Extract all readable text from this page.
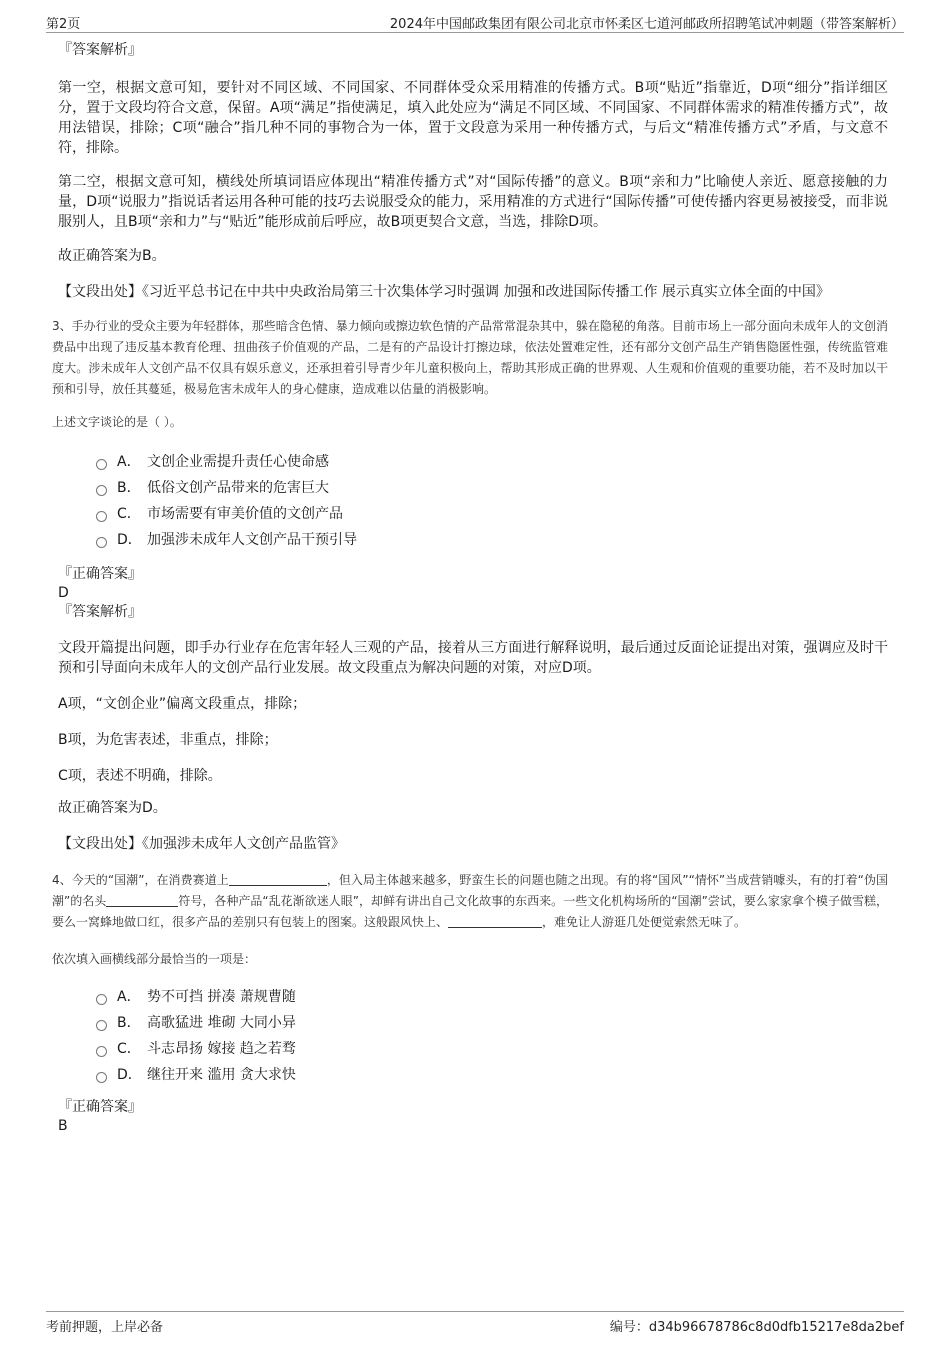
第2页	2024年中国邮政集团有限公司北京市怀柔区七道河邮政所招聘笔试冲刺题（带答案解析）
『答案解析』
第一空，根据文意可知，要针对不同区域、不同国家、不同群体受众采用精准的传播方式。B项“贴近”指靠近，D项“细分”指详细区分，置于文段均符合文意，保留。A项“满足”指使满足，填入此处应为“满足不同区域、不同国家、不同群体需求的精准传播方式”，故用法错误，排除；C项“融合”指几种不同的事物合为一体，置于文段意为采用一种传播方式，与后文“精准传播方式”矛盾，与文意不符，排除。
第二空，根据文意可知，横线处所填词语应体现出“精准传播方式”对“国际传播”的意义。B项“亲和力”比喻使人亲近、愿意接触的力量，D项“说服力”指说话者运用各种可能的技巧去说服受众的能力，采用精准的方式进行“国际传播”可使传播内容更易被接受，而非说服别人，且B项“亲和力”与“贴近”能形成前后呼应，故B项更契合文意，当选，排除D项。
故正确答案为B。
【文段出处】《习近平总书记在中共中央政治局第三十次集体学习时强调 加强和改进国际传播工作 展示真实立体全面的中国》
3、手办行业的受众主要为年轻群体，那些暗含色情、暴力倾向或擦边软色情的产品常常混杂其中，躲在隐秘的角落。目前市场上一部分面向未成年人的文创消费品中出现了违反基本教育伦理、扭曲孩子价值观的产品，二是有的产品设计打擦边球，依法处置难定性，还有部分文创产品生产销售隐匿性强，传统监管难度大。涉未成年人文创产品不仅具有娱乐意义，还承担着引导青少年儿童积极向上，帮助其形成正确的世界观、人生观和价值观的重要功能，若不及时加以干预和引导，放任其蔓延，极易危害未成年人的身心健康，造成难以估量的消极影响。
上述文字谈论的是（ ）。
A． 文创企业需提升责任心使命感
B． 低俗文创产品带来的危害巨大
C． 市场需要有审美价值的文创产品
D． 加强涉未成年人文创产品干预引导
『正确答案』
D
『答案解析』
文段开篇提出问题，即手办行业存在危害年轻人三观的产品，接着从三方面进行解释说明，最后通过反面论证提出对策，强调应及时干预和引导面向未成年人的文创产品行业发展。故文段重点为解决问题的对策，对应D项。
A项，“文创企业”偏离文段重点，排除；
B项，为危害表述，非重点，排除；
C项，表述不明确，排除。
故正确答案为D。
【文段出处】《加强涉未成年人文创产品监管》
4、今天的“国潮”，在消费赛道上	，但入局主体越来越多，野蛮生长的问题也随之出现。有的将“国风”“情怀”当成营销噱头，有的打着“伪国潮”的名头	符号，各种产品“乱花渐欲迷人眼”，却鲜有讲出自己文化故事的东西来。一些文化机构场所的“国潮”尝试，要么家家拿个模子做雪糕，要么一窝蜂地做口红，很多产品的差别只有包装上的图案。这般跟风快上、	，难免让人游逛几处便觉索然无味了。
依次填入画横线部分最恰当的一项是：
A． 势不可挡 拼凑 萧规曹随
B． 高歌猛进 堆砌 大同小异
C． 斗志昂扬 嫁接 趋之若骛
D． 继往开来 滥用 贪大求快
『正确答案』
B
考前押题，上岸必备	编号：d34b96678786c8d0dfb15217e8da2bef
